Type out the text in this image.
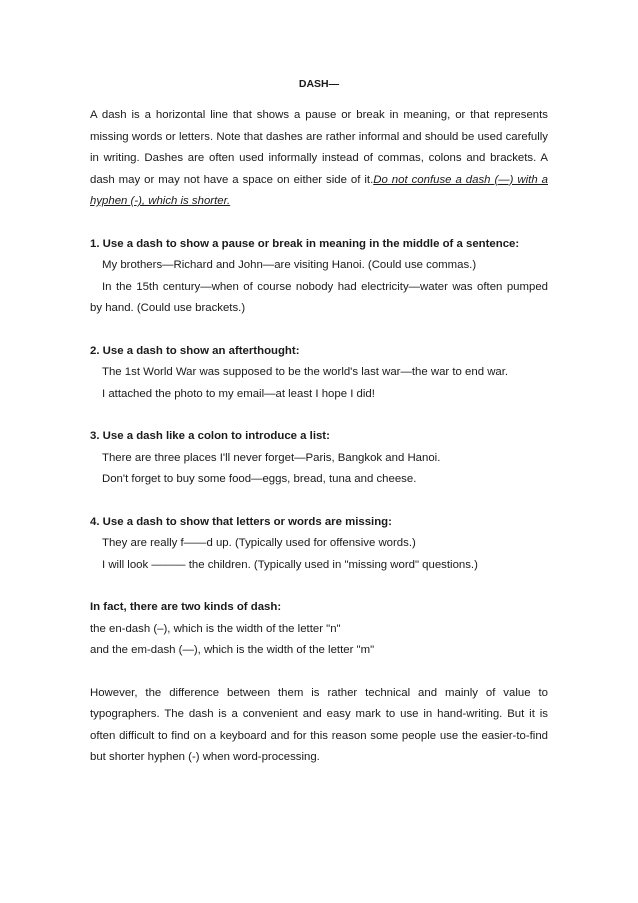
DASH—

A dash is a horizontal line that shows a pause or break in meaning, or that represents missing words or letters. Note that dashes are rather informal and should be used carefully in writing. Dashes are often used informally instead of commas, colons and brackets. A dash may or may not have a space on either side of it.Do not confuse a dash (—) with a hyphen (-), which is shorter.

1. Use a dash to show a pause or break in meaning in the middle of a sentence:

My brothers—Richard and John—are visiting Hanoi. (Could use commas.)

In the 15th century—when of course nobody had electricity—water was often pumped by hand. (Could use brackets.)

2. Use a dash to show an afterthought:

The 1st World War was supposed to be the world's last war—the war to end war.

I attached the photo to my email—at least I hope I did!

3. Use a dash like a colon to introduce a list:

There are three places I'll never forget—Paris, Bangkok and Hanoi.

Don't forget to buy some food—eggs, bread, tuna and cheese.

4. Use a dash to show that letters or words are missing:

They are really f——d up. (Typically used for offensive words.)

I will look ——— the children. (Typically used in "missing word" questions.)

In fact, there are two kinds of dash:

the en-dash (–), which is the width of the letter "n"

and the em-dash (—), which is the width of the letter "m"

However, the difference between them is rather technical and mainly of value to typographers. The dash is a convenient and easy mark to use in hand-writing. But it is often difficult to find on a keyboard and for this reason some people use the easier-to-find but shorter hyphen (-) when word-processing.
